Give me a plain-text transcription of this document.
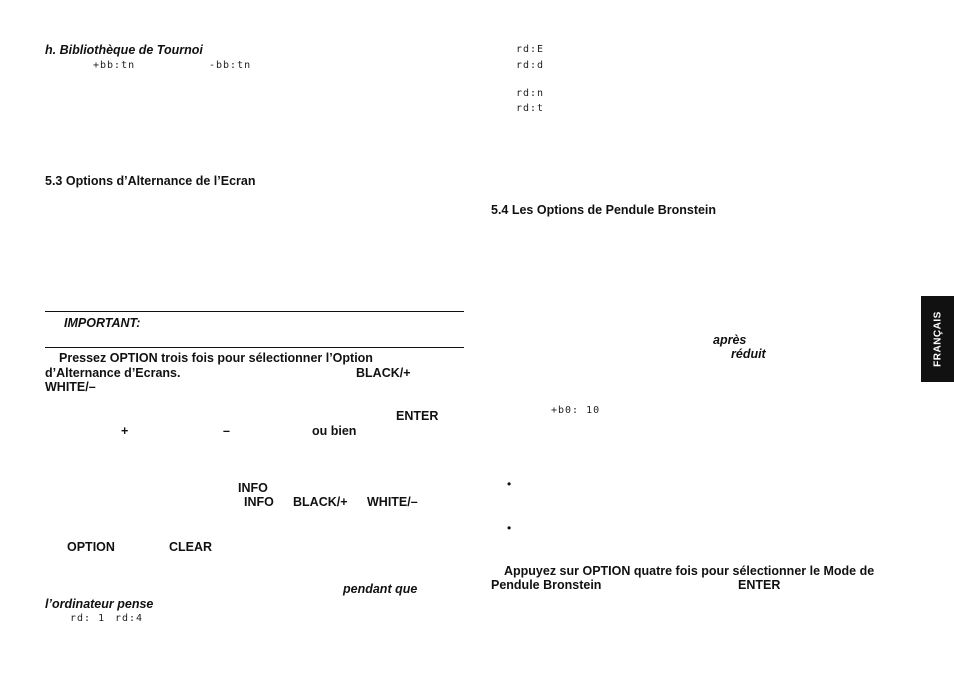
h. Bibliothèque de Tournoi
+bb:tn	-bb:tn
5.3 Options d’Alternance de l’Ecran
IMPORTANT:
Pressez OPTION trois fois pour sélectionner l’Option
d’Alternance d’Ecrans.	BLACK/+
WHITE/–
ENTER
+	–	ou bien
INFO
INFO BLACK/+ WHITE/–
OPTION	CLEAR
pendant que
l’ordinateur pense
rd: 1 rd:4
rd:E
rd:d
rd:n
rd:t
5.4 Les Options de Pendule Bronstein
après
réduit
+b0: 10
•
•
Appuyez sur OPTION quatre fois pour sélectionner le Mode de
Pendule Bronstein	ENTER
FRANÇAIS
